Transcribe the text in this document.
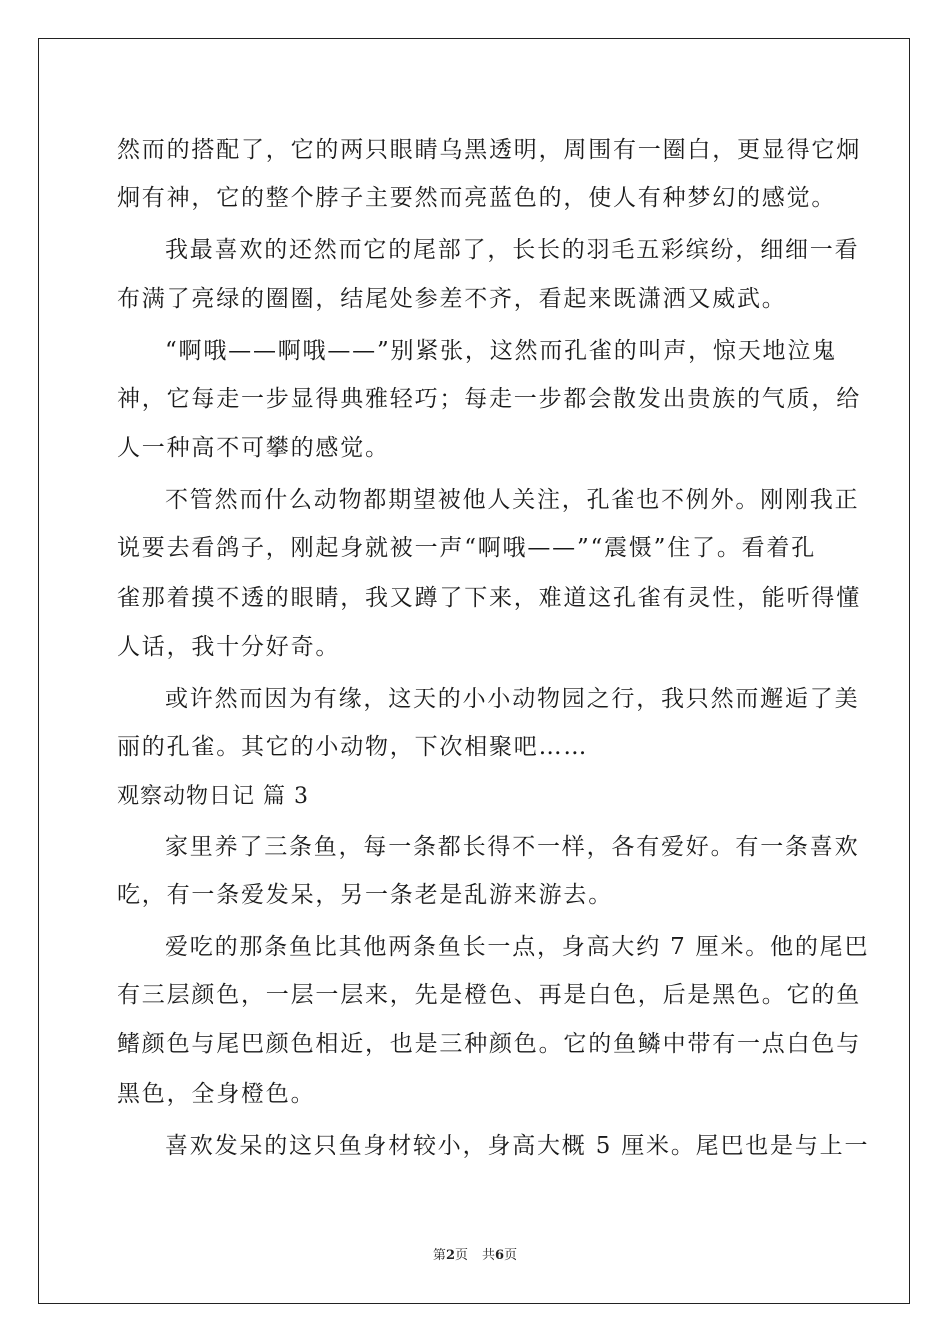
然而的搭配了，它的两只眼睛乌黑透明，周围有一圈白，更显得它炯
炯有神，它的整个脖子主要然而亮蓝色的，使人有种梦幻的感觉。
我最喜欢的还然而它的尾部了，长长的羽毛五彩缤纷，细细一看
布满了亮绿的圈圈，结尾处参差不齐，看起来既潇洒又威武。
“啊哦——啊哦——”别紧张，这然而孔雀的叫声，惊天地泣鬼
神，它每走一步显得典雅轻巧；每走一步都会散发出贵族的气质，给
人一种高不可攀的感觉。
不管然而什么动物都期望被他人关注，孔雀也不例外。刚刚我正
说要去看鸽子，刚起身就被一声“啊哦——”“震慑”住了。看着孔
雀那着摸不透的眼睛，我又蹲了下来，难道这孔雀有灵性，能听得懂
人话，我十分好奇。
或许然而因为有缘，这天的小小动物园之行，我只然而邂逅了美
丽的孔雀。其它的小动物，下次相聚吧……
观察动物日记 篇 3
家里养了三条鱼，每一条都长得不一样，各有爱好。有一条喜欢
吃，有一条爱发呆，另一条老是乱游来游去。
爱吃的那条鱼比其他两条鱼长一点，身高大约 7 厘米。他的尾巴
有三层颜色，一层一层来，先是橙色、再是白色，后是黑色。它的鱼
鳍颜色与尾巴颜色相近，也是三种颜色。它的鱼鳞中带有一点白色与
黑色，全身橙色。
喜欢发呆的这只鱼身材较小，身高大概 5 厘米。尾巴也是与上一
第2页 共6页
